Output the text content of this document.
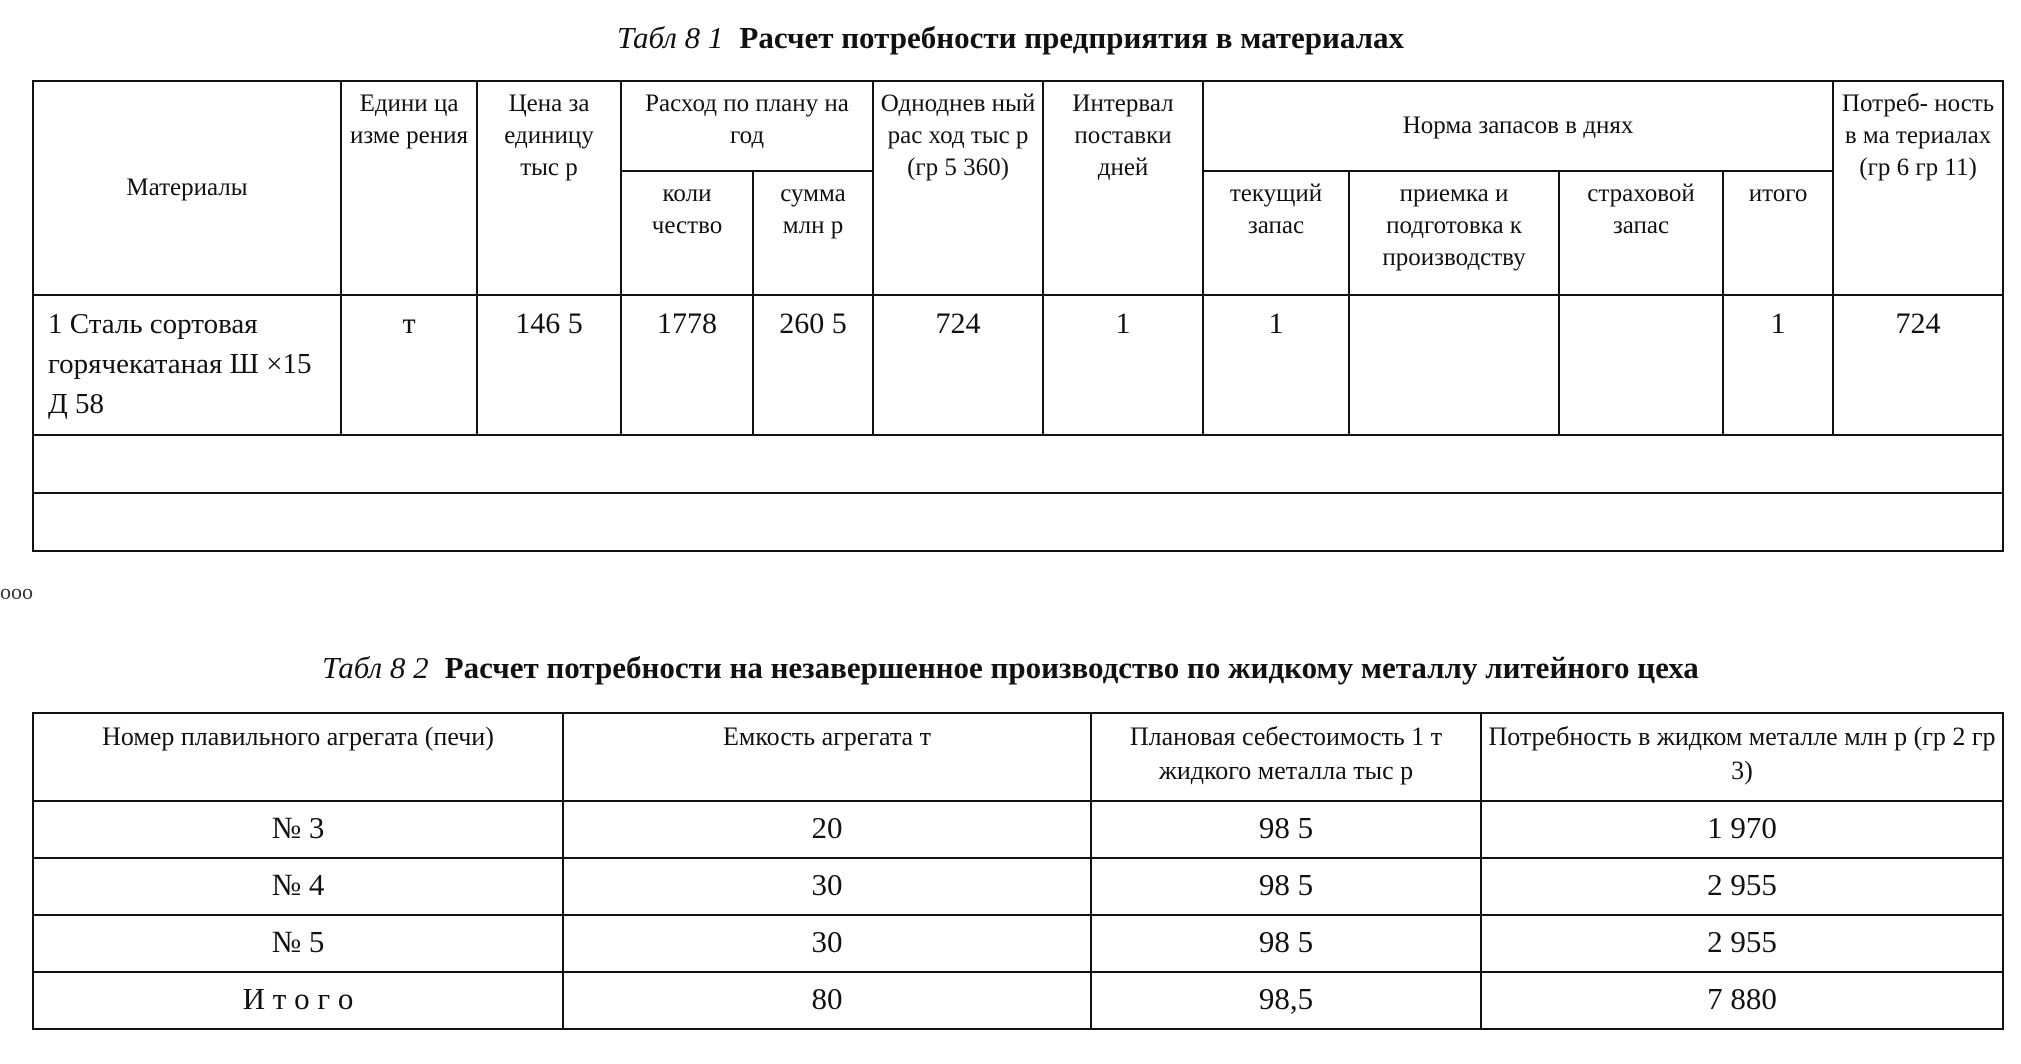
ooo
Табл 8 1 Расчет потребности предприятия в материалах
Материалы	Едини ца изме рения	Цена за единицу тыс р	Расход по плану на год		Одноднев ный рас ход тыс р (гр 5 360)	Интервал поставки дней	Норма запасов в днях				Потреб- ность в ма териалах (гр 6 гр 11)
			коли чество	сумма млн р			текущий запас	приемка и подготовка к производству	страховой запас	итого	
1 Сталь сортовая горячекатаная Ш ×15 Д 58	т	146 5	1778	260 5	724	1	1			1	724

Табл 8 2 Расчет потребности на незавершенное производство по жидкому металлу литейного цеха
Номер плавильного агрегата (печи)	Емкость агрегата т	Плановая себестоимость 1 т жидкого металла тыс р	Потребность в жидком металле млн р (гр 2 гр 3)
№ 3	20	98 5	1 970
№ 4	30	98 5	2 955
№ 5	30	98 5	2 955
И т о г о	80	98,5	7 880
